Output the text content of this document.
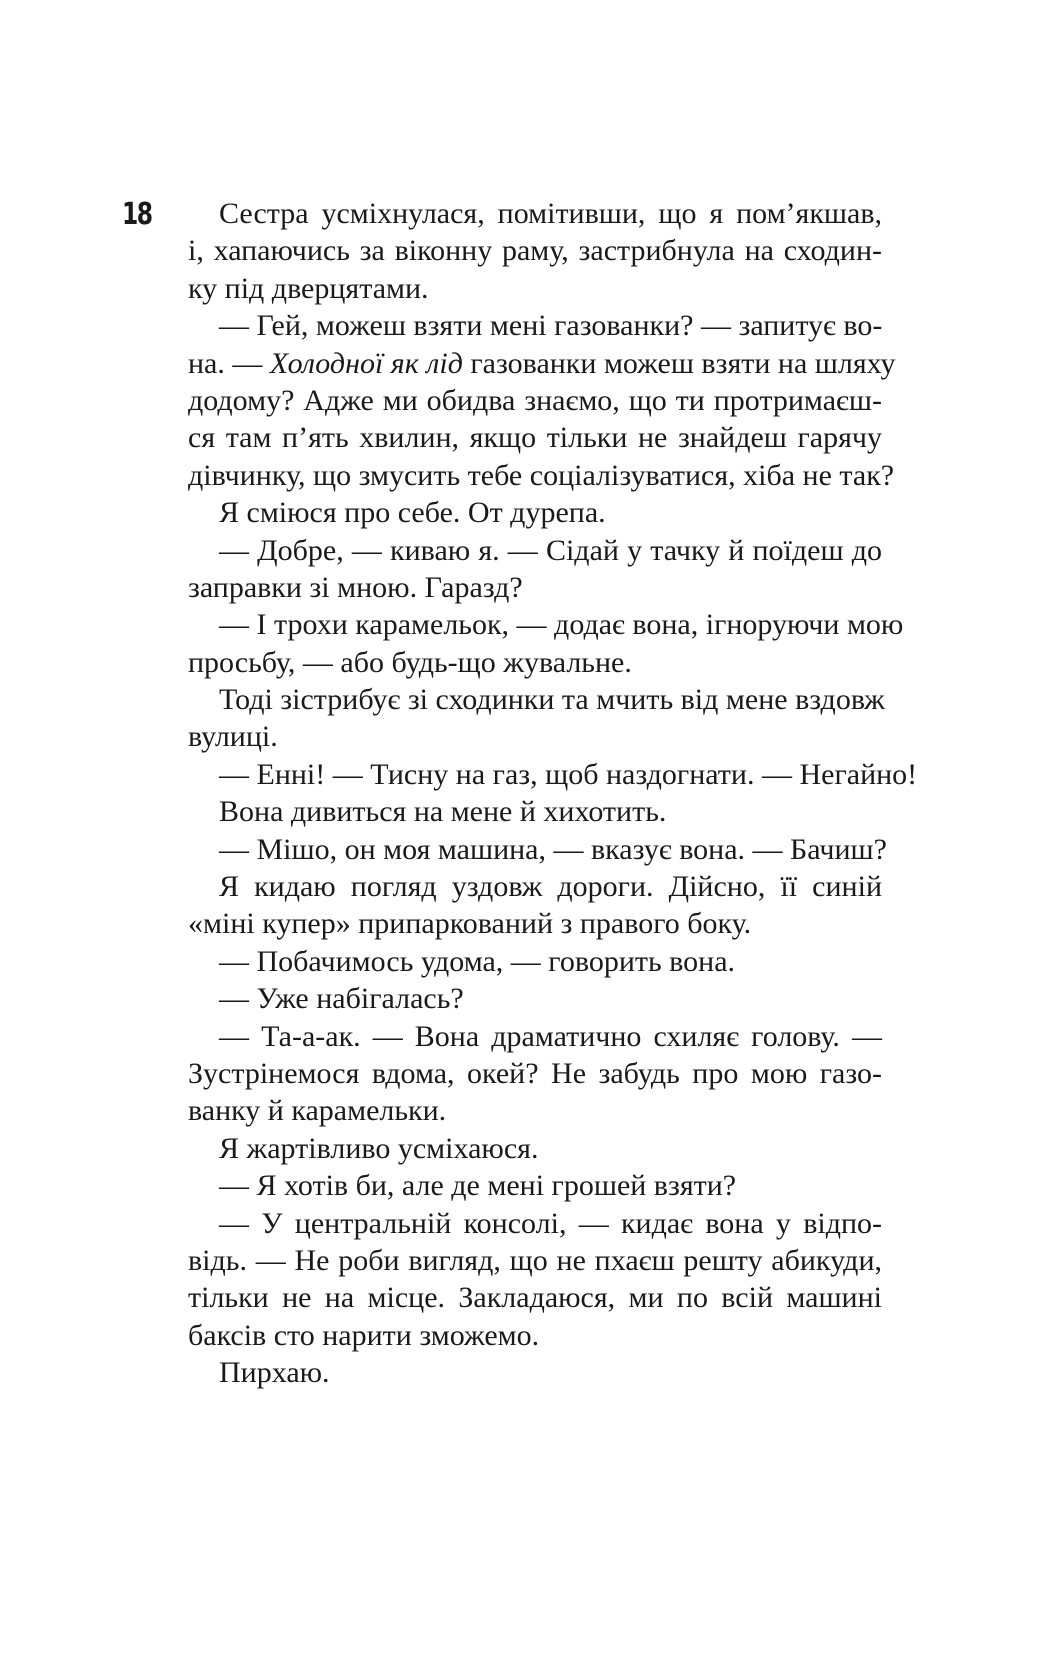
18	Сестра усміхнулася, помітивши, що я пом’якшав,
і, хапаючись за віконну раму, застрибнула на сходин-
ку під дверцятами.
— Гей, можеш взяти мені газованки? — запитує во-
на. — Холодної як лід газованки можеш взяти на шляху
додому? Адже ми обидва знаємо, що ти протримаєш-
ся там п’ять хвилин, якщо тільки не знайдеш гарячу
дівчинку, що змусить тебе соціалізуватися, хіба не так?
Я сміюся про себе. От дурепа.
— Добре, — киваю я. — Сідай у тачку й поїдеш до
заправки зі мною. Гаразд?
— І трохи карамельок, — додає вона, ігноруючи мою
просьбу, — або будь-що жувальне.
Тоді зістрибує зі сходинки та мчить від мене вздовж
вулиці.
— Енні! — Тисну на газ, щоб наздогнати. — Негайно!
Вона дивиться на мене й хихотить.
— Мішо, он моя машина, — вказує вона. — Бачиш?
Я кидаю погляд уздовж дороги. Дійсно, її синій
«міні купер» припаркований з правого боку.
— Побачимось удома, — говорить вона.
— Уже набігалась?
— Та-а-ак. — Вона драматично схиляє голову. —
Зустрінемося вдома, окей? Не забудь про мою газо-
ванку й карамельки.
Я жартівливо усміхаюся.
— Я хотів би, але де мені грошей взяти?
— У центральній консолі, — кидає вона у відпо-
відь. — Не роби вигляд, що не пхаєш решту абикуди,
тільки не на місце. Закладаюся, ми по всій машині
баксів сто нарити зможемо.
Пирхаю.
